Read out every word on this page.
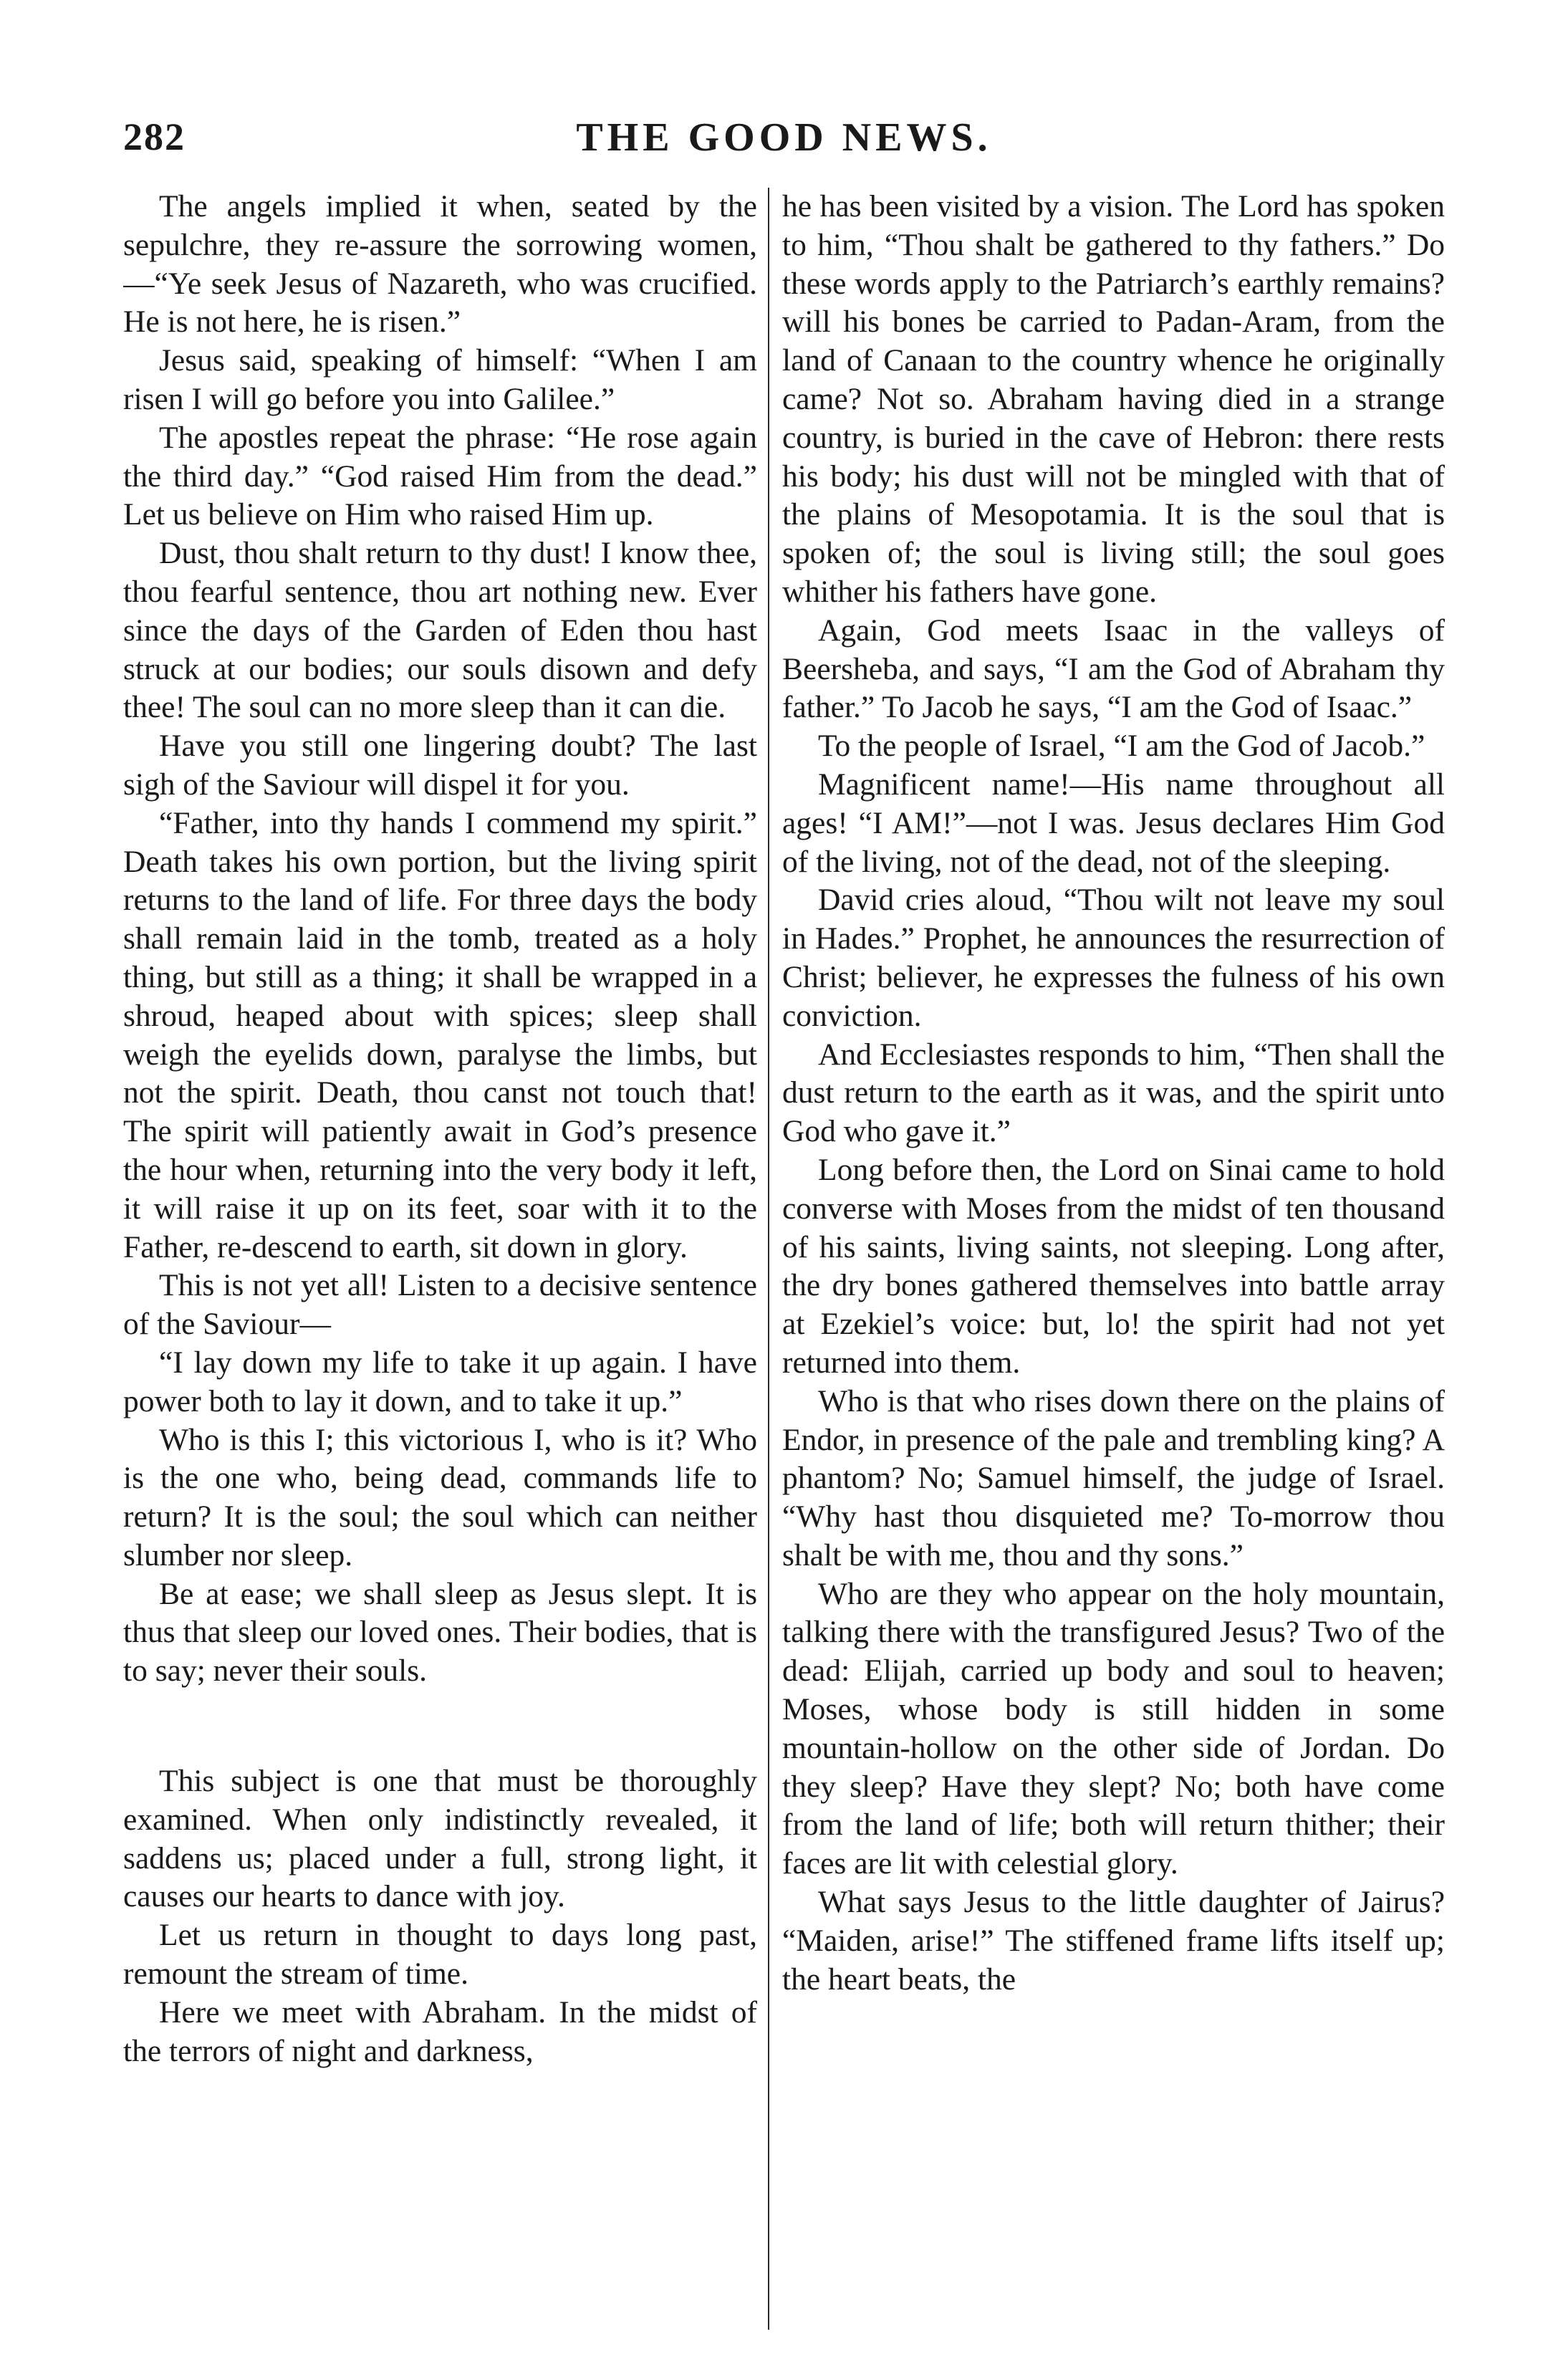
282	THE GOOD NEWS.

The angels implied it when, seated by the sepulchre, they re-assure the sorrowing women,—“Ye seek Jesus of Nazareth, who was crucified. He is not here, he is risen.”

Jesus said, speaking of himself: “When I am risen I will go before you into Galilee.”

The apostles repeat the phrase: “He rose again the third day.” “God raised Him from the dead.” Let us believe on Him who raised Him up.

Dust, thou shalt return to thy dust! I know thee, thou fearful sentence, thou art nothing new. Ever since the days of the Garden of Eden thou hast struck at our bodies; our souls disown and defy thee! The soul can no more sleep than it can die.

Have you still one lingering doubt? The last sigh of the Saviour will dispel it for you.

“Father, into thy hands I commend my spirit.” Death takes his own portion, but the living spirit returns to the land of life. For three days the body shall remain laid in the tomb, treated as a holy thing, but still as a thing; it shall be wrapped in a shroud, heaped about with spices; sleep shall weigh the eyelids down, paralyse the limbs, but not the spirit. Death, thou canst not touch that! The spirit will patiently await in God’s presence the hour when, returning into the very body it left, it will raise it up on its feet, soar with it to the Father, re-descend to earth, sit down in glory.

This is not yet all! Listen to a decisive sentence of the Saviour—

“I lay down my life to take it up again. I have power both to lay it down, and to take it up.”

Who is this I; this victorious I, who is it? Who is the one who, being dead, commands life to return? It is the soul; the soul which can neither slumber nor sleep.

Be at ease; we shall sleep as Jesus slept. It is thus that sleep our loved ones. Their bodies, that is to say; never their souls.

This subject is one that must be thoroughly examined. When only indistinctly revealed, it saddens us; placed under a full, strong light, it causes our hearts to dance with joy.

Let us return in thought to days long past, remount the stream of time.

Here we meet with Abraham. In the midst of the terrors of night and darkness,

he has been visited by a vision. The Lord has spoken to him, “Thou shalt be gathered to thy fathers.” Do these words apply to the Patriarch’s earthly remains? will his bones be carried to Padan-Aram, from the land of Canaan to the country whence he originally came? Not so. Abraham having died in a strange country, is buried in the cave of Hebron: there rests his body; his dust will not be mingled with that of the plains of Mesopotamia. It is the soul that is spoken of; the soul is living still; the soul goes whither his fathers have gone.

Again, God meets Isaac in the valleys of Beersheba, and says, “I am the God of Abraham thy father.” To Jacob he says, “I am the God of Isaac.”

To the people of Israel, “I am the God of Jacob.”

Magnificent name!—His name throughout all ages! “I AM!”—not I was. Jesus declares Him God of the living, not of the dead, not of the sleeping.

David cries aloud, “Thou wilt not leave my soul in Hades.” Prophet, he announces the resurrection of Christ; believer, he expresses the fulness of his own conviction.

And Ecclesiastes responds to him, “Then shall the dust return to the earth as it was, and the spirit unto God who gave it.”

Long before then, the Lord on Sinai came to hold converse with Moses from the midst of ten thousand of his saints, living saints, not sleeping. Long after, the dry bones gathered themselves into battle array at Ezekiel’s voice: but, lo! the spirit had not yet returned into them.

Who is that who rises down there on the plains of Endor, in presence of the pale and trembling king? A phantom? No; Samuel himself, the judge of Israel. “Why hast thou disquieted me? To-morrow thou shalt be with me, thou and thy sons.”

Who are they who appear on the holy mountain, talking there with the transfigured Jesus? Two of the dead: Elijah, carried up body and soul to heaven; Moses, whose body is still hidden in some mountain-hollow on the other side of Jordan. Do they sleep? Have they slept? No; both have come from the land of life; both will return thither; their faces are lit with celestial glory.

What says Jesus to the little daughter of Jairus? “Maiden, arise!” The stiffened frame lifts itself up; the heart beats, the
